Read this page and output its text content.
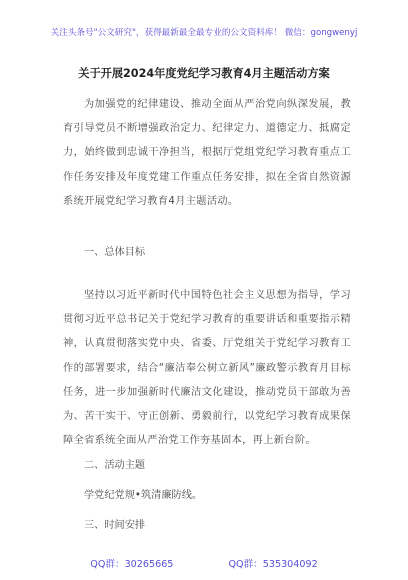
关注头条号"公文研究"，获得最新最全最专业的公文资料库！ 微信：gongwenyj
关于开展2024年度党纪学习教育4月主题活动方案
为加强党的纪律建设、推动全面从严治党向纵深发展，教育引导党员不断增强政治定力、纪律定力、道德定力、抵腐定力，始终做到忠诚干净担当，根据厅党组党纪学习教育重点工作任务安排及年度党建工作重点任务安排，拟在全省自然资源系统开展党纪学习教育4月主题活动。
一、总体目标
坚持以习近平新时代中国特色社会主义思想为指导，学习贯彻习近平总书记关于党纪学习教育的重要讲话和重要指示精神，认真贯彻落实党中央、省委、厅党组关于党纪学习教育工作的部署要求，结合“廉洁奉公树立新风”廉政警示教育月目标任务，进一步加强新时代廉洁文化建设，推动党员干部敢为善为、苦干实干、守正创新、勇毅前行，以党纪学习教育成果保障全省系统全面从严治党工作夯基固本，再上新台阶。
二、活动主题
学党纪党规•筑清廉防线。
三、时间安排
QQ群：30265665	QQ群：535304092
